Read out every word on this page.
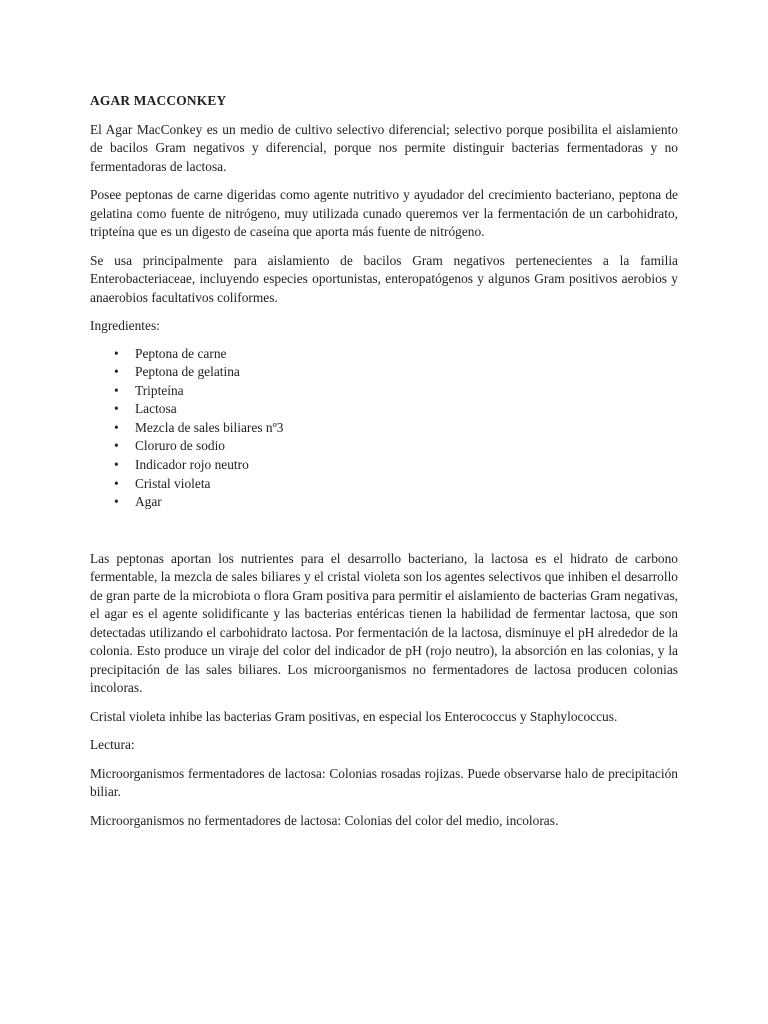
AGAR MACCONKEY

El Agar MacConkey es un medio de cultivo selectivo diferencial; selectivo porque posibilita el aislamiento de bacilos Gram negativos y diferencial, porque nos permite distinguir bacterias fermentadoras y no fermentadoras de lactosa.

Posee peptonas de carne digeridas como agente nutritivo y ayudador del crecimiento bacteriano, peptona de gelatina como fuente de nitrógeno, muy utilizada cunado queremos ver la fermentación de un carbohidrato, tripteína que es un digesto de caseína que aporta más fuente de nitrógeno.

Se usa principalmente para aislamiento de bacilos Gram negativos pertenecientes a la familia Enterobacteriaceae, incluyendo especies oportunistas, enteropatógenos y algunos Gram positivos aerobios y anaerobios facultativos coliformes.

Ingredientes:

• Peptona de carne
• Peptona de gelatina
• Tripteína
• Lactosa
• Mezcla de sales biliares nº3
• Cloruro de sodio
• Indicador rojo neutro
• Cristal violeta
• Agar

Las peptonas aportan los nutrientes para el desarrollo bacteriano, la lactosa es el hidrato de carbono fermentable, la mezcla de sales biliares y el cristal violeta son los agentes selectivos que inhiben el desarrollo de gran parte de la microbiota o flora Gram positiva para permitir el aislamiento de bacterias Gram negativas, el agar es el agente solidificante y las bacterias entéricas tienen la habilidad de fermentar lactosa, que son detectadas utilizando el carbohidrato lactosa. Por fermentación de la lactosa, disminuye el pH alrededor de la colonia. Esto produce un viraje del color del indicador de pH (rojo neutro), la absorción en las colonias, y la precipitación de las sales biliares. Los microorganismos no fermentadores de lactosa producen colonias incoloras.

Cristal violeta inhibe las bacterias Gram positivas, en especial los Enterococcus y Staphylococcus.

Lectura:

Microorganismos fermentadores de lactosa: Colonias rosadas rojizas. Puede observarse halo de precipitación biliar.

Microorganismos no fermentadores de lactosa: Colonias del color del medio, incoloras.
